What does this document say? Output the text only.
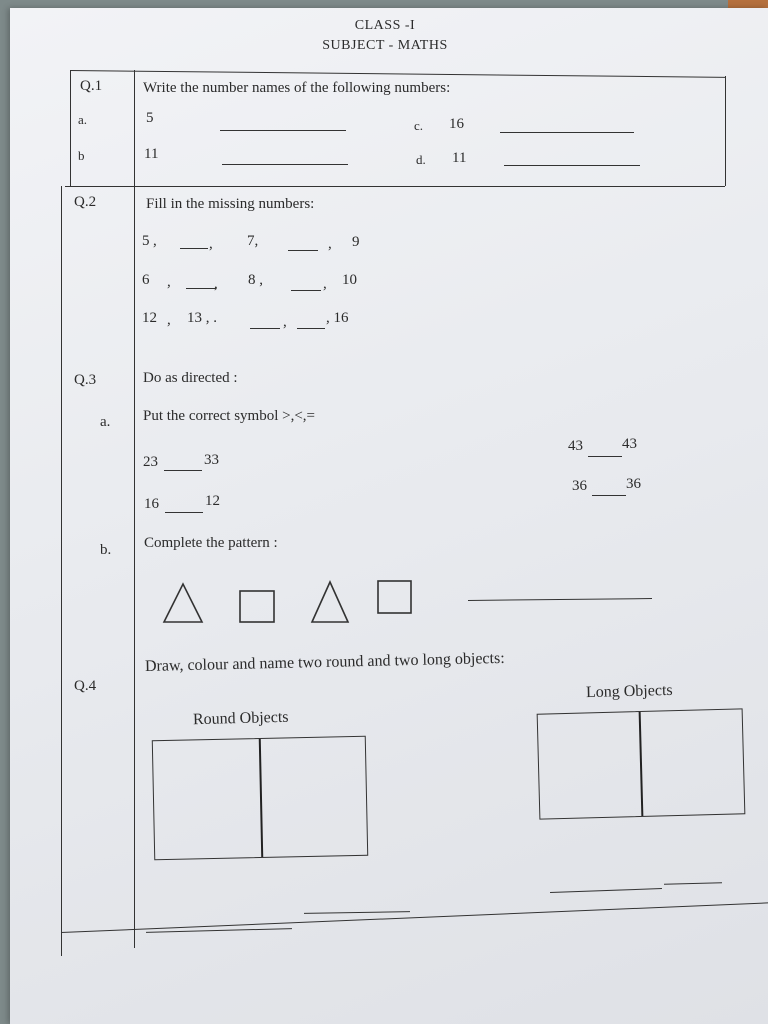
CLASS -I
SUBJECT - MATHS
Q.1	Write the number names of the following numbers:
a.	5
b	11
c. 16
d. 11
Q.2	Fill in the missing numbers:
5 ,	, 7,	, 9
6 ,	, 8 ,	, 10
12 , 13 , .	,	, 16
Q.3	Do as directed :
a. Put the correct symbol >,<,=
23	33
16	12
43	43
36	36
b. Complete the pattern :
Q.4
Draw, colour and name two round and two long objects:
Round Objects
Long Objects
